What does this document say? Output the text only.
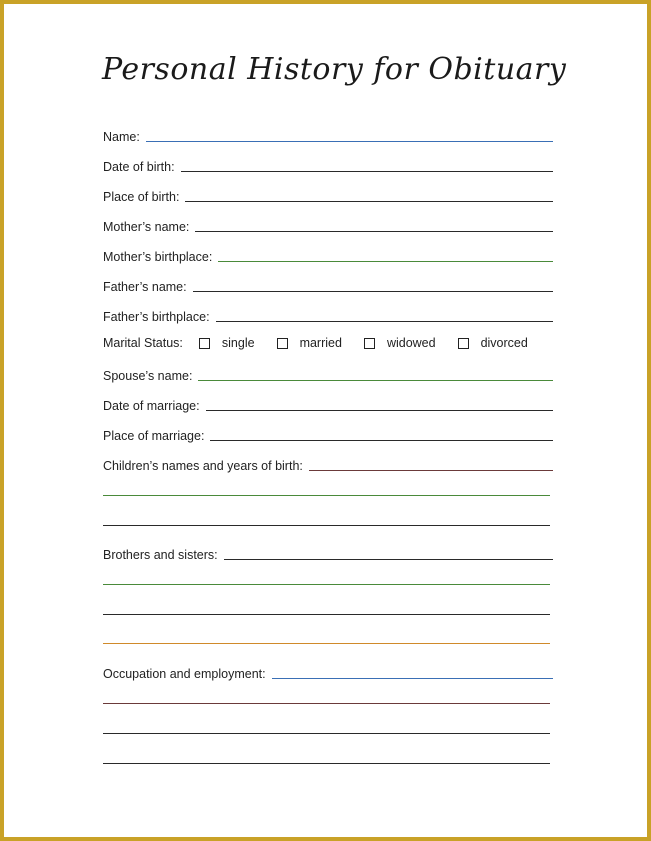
Personal History for Obituary
Name:
Date of birth:
Place of birth:
Mother’s name:
Mother’s birthplace:
Father’s name:
Father’s birthplace:
Marital Status:	single	married	widowed	divorced
Spouse’s name:
Date of marriage:
Place of marriage:
Children’s names and years of birth:
Brothers and sisters:
Occupation and employment:
